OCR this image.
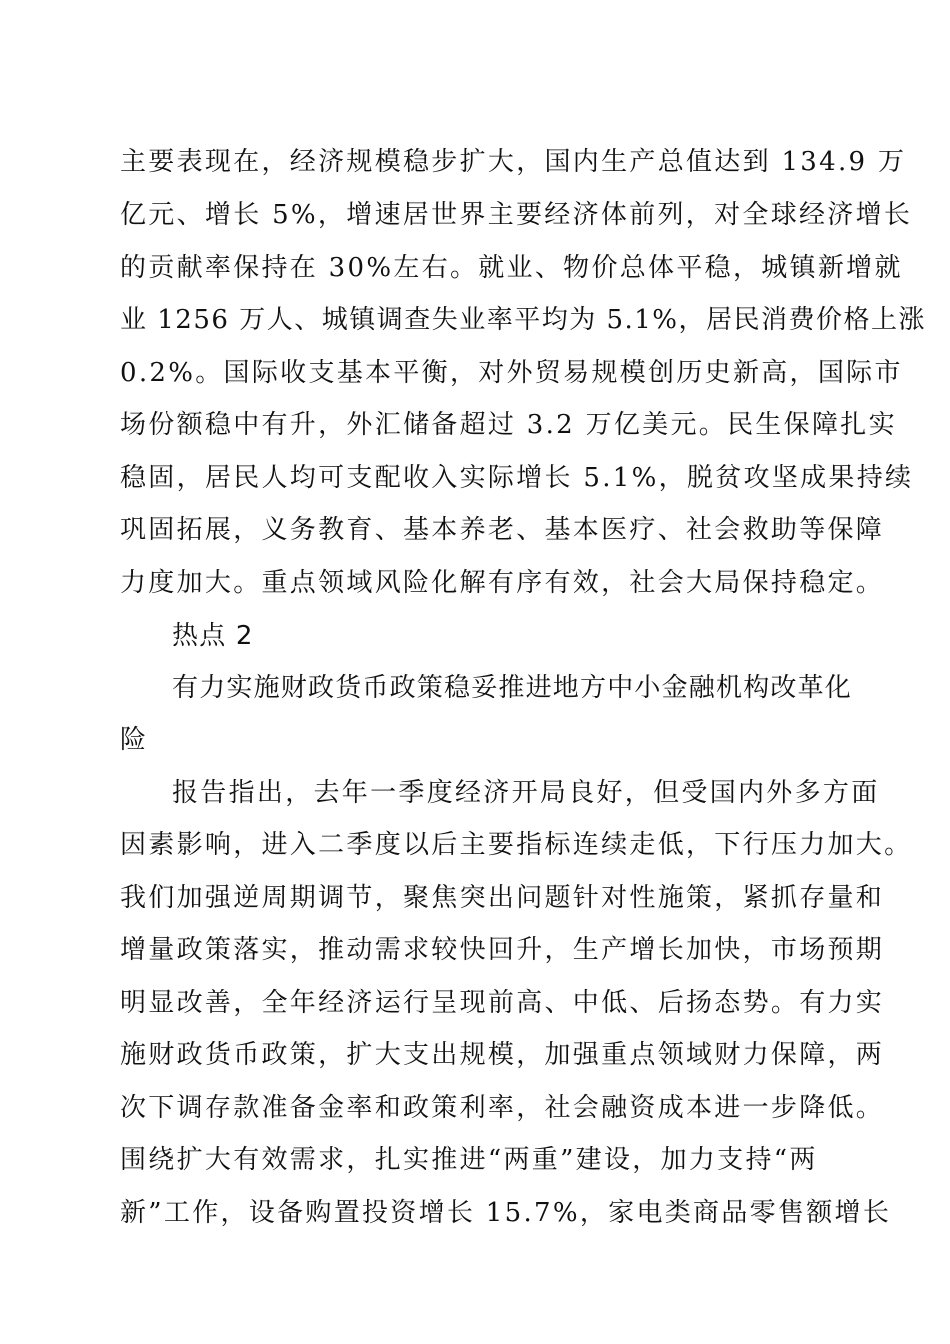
主要表现在，经济规模稳步扩大，国内生产总值达到 134.9 万
亿元、增长 5%，增速居世界主要经济体前列，对全球经济增长
的贡献率保持在 30%左右。就业、物价总体平稳，城镇新增就
业 1256 万人、城镇调查失业率平均为 5.1%，居民消费价格上涨
0.2%。国际收支基本平衡，对外贸易规模创历史新高，国际市
场份额稳中有升，外汇储备超过 3.2 万亿美元。民生保障扎实
稳固，居民人均可支配收入实际增长 5.1%，脱贫攻坚成果持续
巩固拓展，义务教育、基本养老、基本医疗、社会救助等保障
力度加大。重点领域风险化解有序有效，社会大局保持稳定。
热点 2
有力实施财政货币政策稳妥推进地方中小金融机构改革化
险
报告指出，去年一季度经济开局良好，但受国内外多方面
因素影响，进入二季度以后主要指标连续走低，下行压力加大。
我们加强逆周期调节，聚焦突出问题针对性施策，紧抓存量和
增量政策落实，推动需求较快回升，生产增长加快，市场预期
明显改善，全年经济运行呈现前高、中低、后扬态势。有力实
施财政货币政策，扩大支出规模，加强重点领域财力保障，两
次下调存款准备金率和政策利率，社会融资成本进一步降低。
围绕扩大有效需求，扎实推进“两重”建设，加力支持“两
新”工作，设备购置投资增长 15.7%，家电类商品零售额增长
